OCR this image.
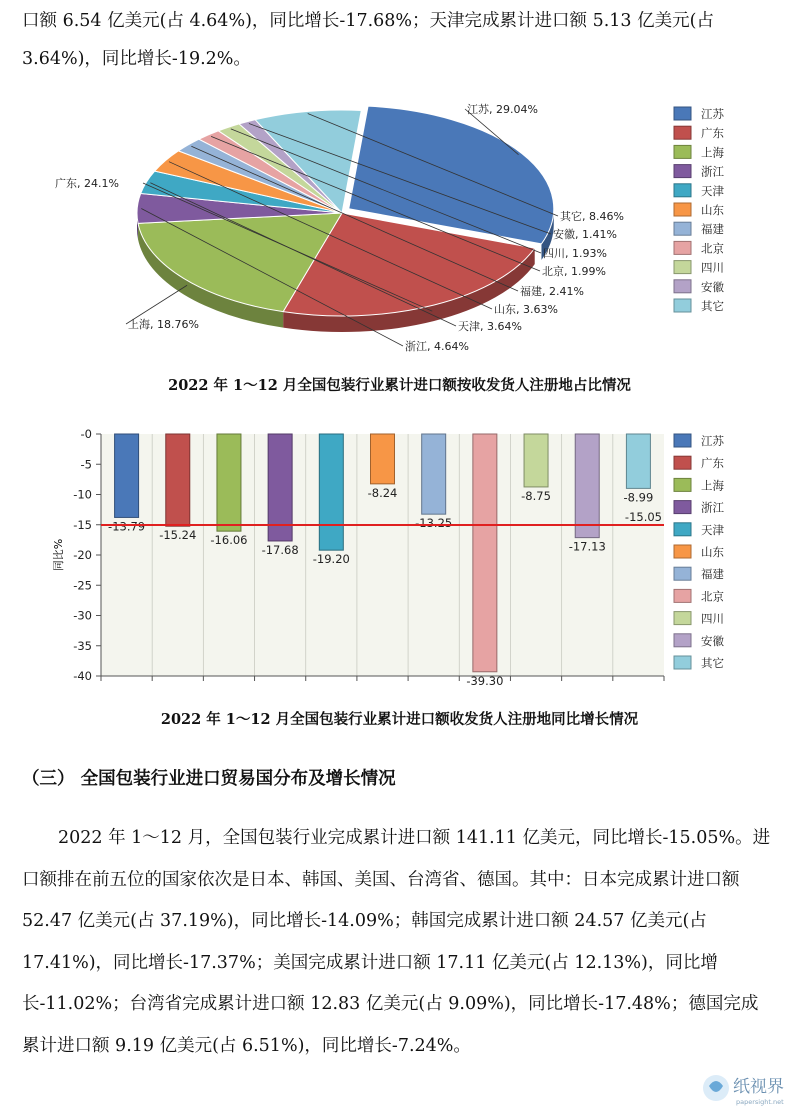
口额 6.54 亿美元(占 4.64%)，同比增长-17.68%；天津完成累计进口额 5.13 亿美元(占 3.64%)，同比增长-19.2%。

江苏, 29.04%
广东, 24.1%
上海, 18.76%
浙江, 4.64%
天津, 3.64%
山东, 3.63%
福建, 2.41%
北京, 1.99%
四川, 1.93%
安徽, 1.41%
其它, 8.46%
江苏
广东
上海
浙江
天津
山东
福建
北京
四川
安徽
其它
2022 年 1～12 月全国包装行业累计进口额按收发货人注册地占比情况
-0
-5
-10
-15
-20
-25
-30
-35
-40
-13.79
-15.24 -16.06
-17.68
-19.20
-8.24
-13.25
-39.30
-8.75
-17.13
-8.99
-15.05
江苏
广东
上海
浙江
天津
山东
福建
北京
四川
安徽
其它
同比%
2022 年 1～12 月全国包装行业累计进口额收发货人注册地同比增长情况
（三） 全国包装行业进口贸易国分布及增长情况

2022 年 1～12 月，全国包装行业完成累计进口额 141.11 亿美元，同比增长-15.05%。进口额排在前五位的国家依次是日本、韩国、美国、台湾省、德国。其中：日本完成累计进口额 52.47 亿美元(占 37.19%)，同比增长-14.09%；韩国完成累计进口额 24.57 亿美元(占 17.41%)，同比增长-17.37%；美国完成累计进口额 17.11 亿美元(占 12.13%)，同比增长-11.02%；台湾省完成累计进口额 12.83 亿美元(占 9.09%)，同比增长-17.48%；德国完成累计进口额 9.19 亿美元(占 6.51%)，同比增长-7.24%。

纸视界
papersight.net
